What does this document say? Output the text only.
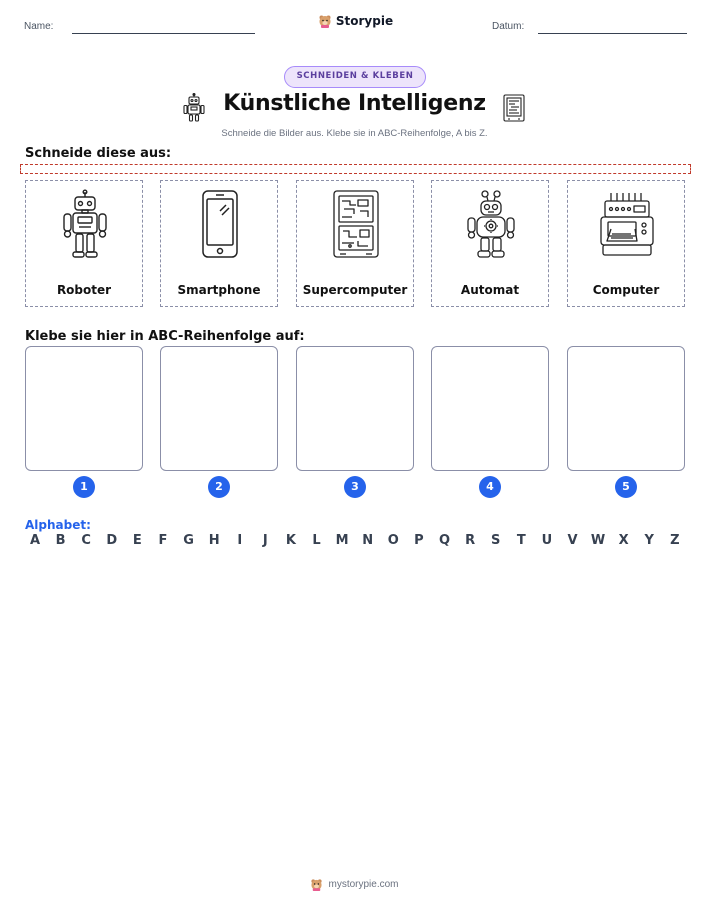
Name:	Storypie	Datum:
SCHNEIDEN & KLEBEN
Künstliche Intelligenz
Schneide die Bilder aus. Klebe sie in ABC-Reihenfolge, A bis Z.
Schneide diese aus:
Roboter	Smartphone	Supercomputer	Automat	Computer
Klebe sie hier in ABC-Reihenfolge auf:
1	2	3	4	5
Alphabet:
A	B	C	D	E	F	G	H	I	J	K	L	M	N	O	P	Q	R	S	T	U	V	W	X	Y	Z
mystorypie.com
